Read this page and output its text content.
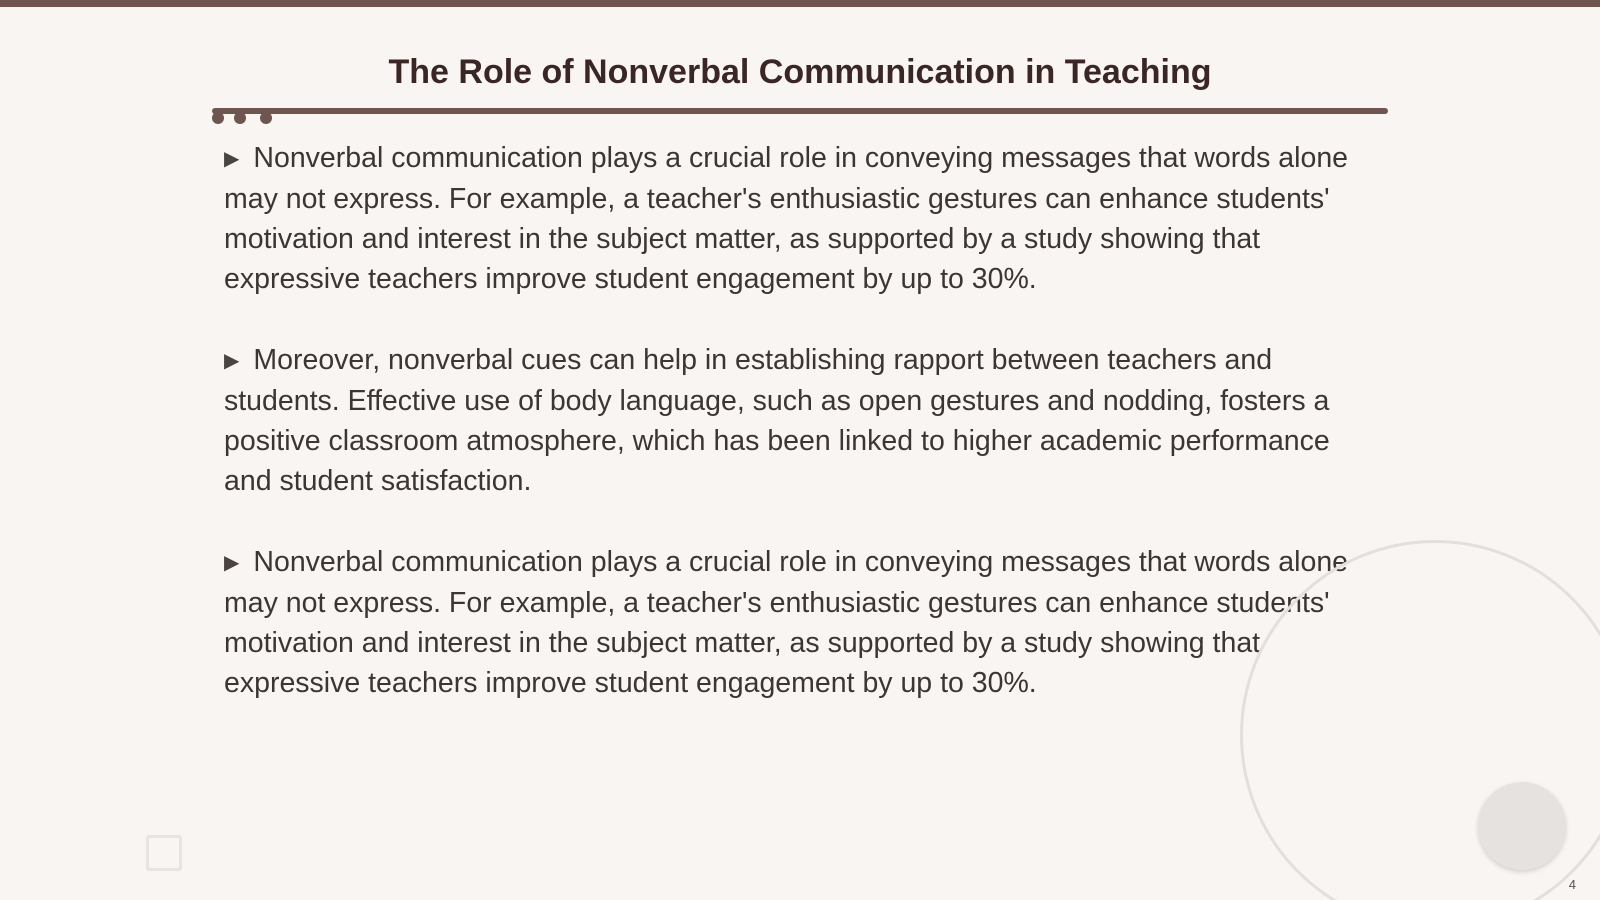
The Role of Nonverbal Communication in Teaching

▶ Nonverbal communication plays a crucial role in conveying messages that words alone may not express. For example, a teacher's enthusiastic gestures can enhance students' motivation and interest in the subject matter, as supported by a study showing that expressive teachers improve student engagement by up to 30%.

▶ Moreover, nonverbal cues can help in establishing rapport between teachers and students. Effective use of body language, such as open gestures and nodding, fosters a positive classroom atmosphere, which has been linked to higher academic performance and student satisfaction.

▶ Nonverbal communication plays a crucial role in conveying messages that words alone may not express. For example, a teacher's enthusiastic gestures can enhance students' motivation and interest in the subject matter, as supported by a study showing that expressive teachers improve student engagement by up to 30%.

4
